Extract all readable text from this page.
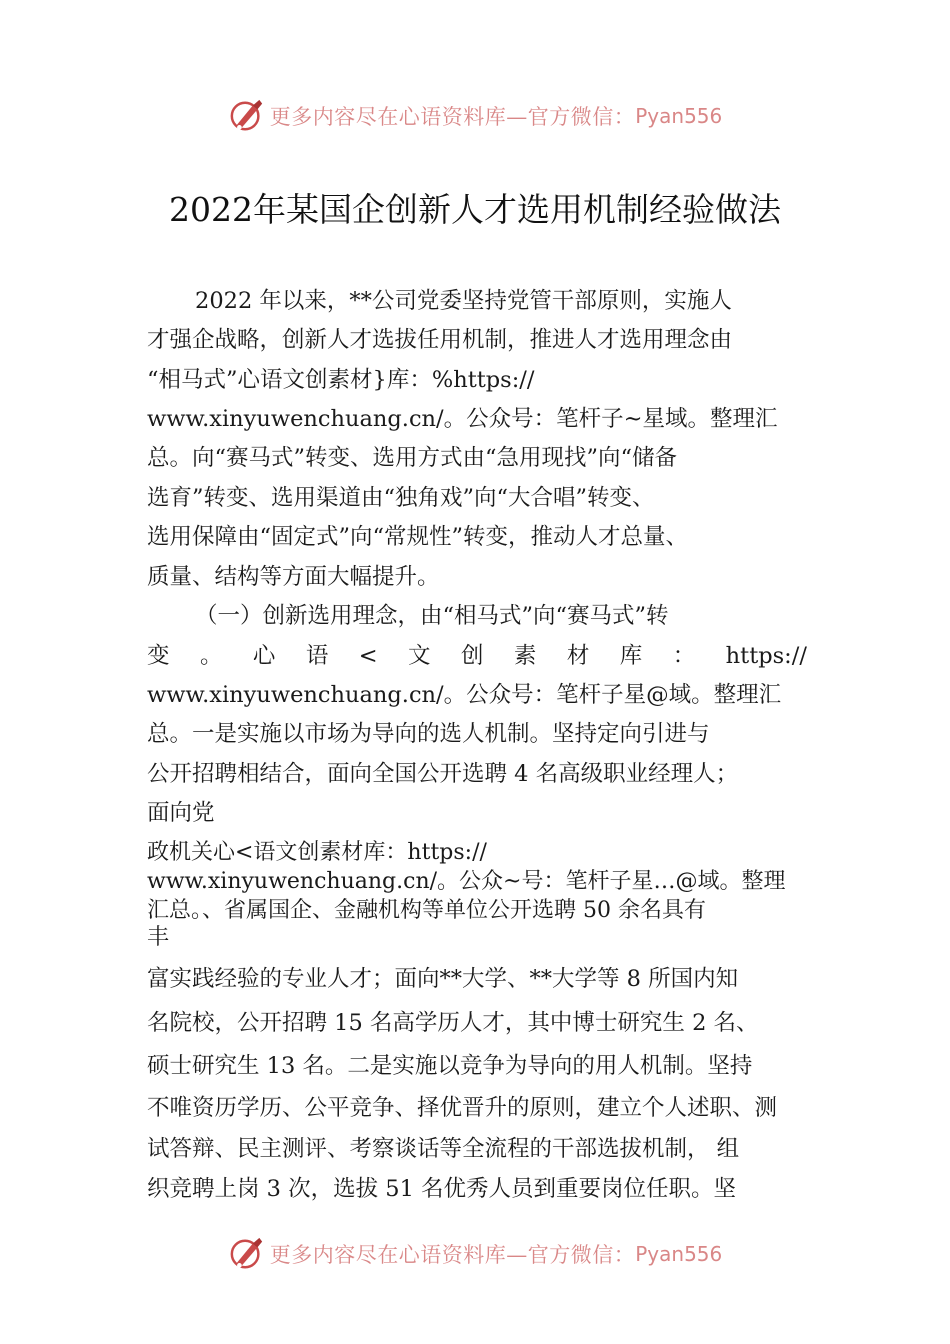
更多内容尽在心语资料库—官方微信： Pyan556
2022年某国企创新人才选用机制经验做法

2022 年以来，**公司党委坚持党管干部原则，实施人

才强企战略，创新人才选拔任用机制，推进人才选用理念由

“相马式”心语文创素材}库：%https://

www.xinyuwenchuang.cn/。公众号：笔杆子~星域。整理汇

总。向“赛马式”转变、选用方式由“急用现找”向“储备

选育”转变、选用渠道由“独角戏”向“大合唱”转变、

选用保障由“固定式”向“常规性”转变，推动人才总量、

质量、结构等方面大幅提升。

（一）创新选用理念，由“相马式”向“赛马式”转

变 。 心 语 < 文 创 素 材 库 ： https://

www.xinyuwenchuang.cn/。公众号：笔杆子星@域。整理汇

总。一是实施以市场为导向的选人机制。坚持定向引进与

公开招聘相结合，面向全国公开选聘 4 名高级职业经理人；

面向党

政机关心<语文创素材库：https://

www.xinyuwenchuang.cn/。公众~号：笔杆子星…@域。整理

汇总。、省属国企、金融机构等单位公开选聘 50 余名具有

丰

富实践经验的专业人才；面向**大学、**大学等 8 所国内知

名院校，公开招聘 15 名高学历人才，其中博士研究生 2 名、

硕士研究生 13 名。二是实施以竞争为导向的用人机制。坚持

不唯资历学历、公平竞争、择优晋升的原则，建立个人述职、测

试答辩、民主测评、考察谈话等全流程的干部选拔机制， 组

织竞聘上岗 3 次，选拔 51 名优秀人员到重要岗位任职。坚

更多内容尽在心语资料库—官方微信： Pyan556
